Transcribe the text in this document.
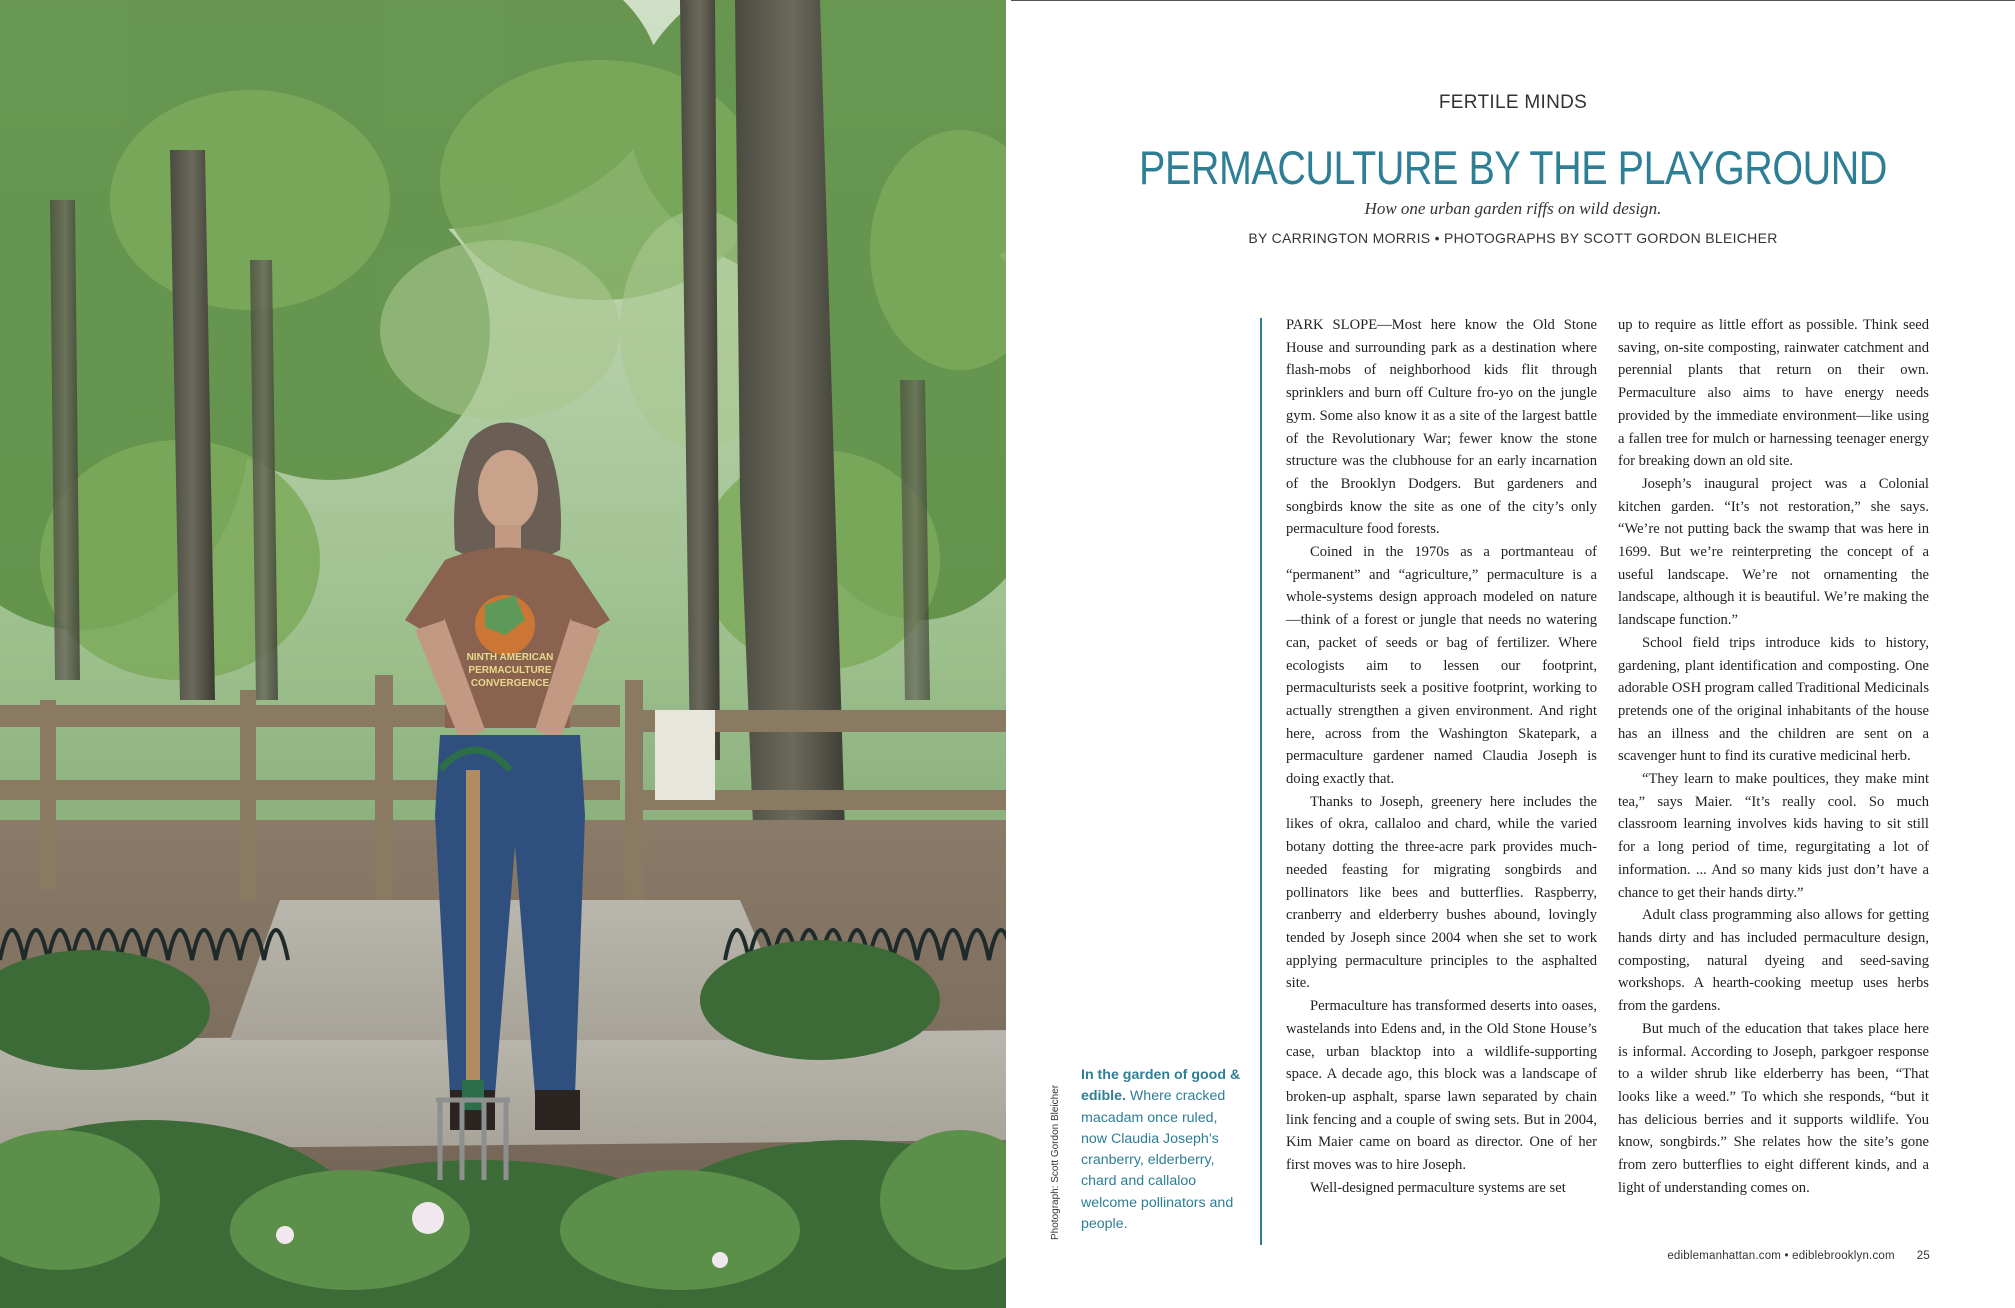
NINTH AMERICAN
PERMACULTURE
CONVERGENCE
Photograph: Scott Gordon Bleicher
FERTILE MINDS
PERMACULTURE BY THE PLAYGROUND
How one urban garden riffs on wild design.
BY CARRINGTON MORRIS • PHOTOGRAPHS BY SCOTT GORDON BLEICHER
In the garden of good & edible. Where cracked macadam once ruled, now Claudia Joseph’s cranberry, elderberry, chard and callaloo welcome pollinators and people.

PARK SLOPE—Most here know the Old Stone House and surrounding park as a destination where flash-mobs of neighborhood kids flit through sprinklers and burn off Culture fro-yo on the jungle gym. Some also know it as a site of the largest battle of the Revolutionary War; fewer know the stone structure was the clubhouse for an early incarnation of the Brooklyn Dodgers. But gardeners and songbirds know the site as one of the city’s only permaculture food forests.

Coined in the 1970s as a portmanteau of “permanent” and “agriculture,” permaculture is a whole-systems design approach modeled on nature—think of a forest or jungle that needs no watering can, packet of seeds or bag of fertilizer. Where ecologists aim to lessen our footprint, permaculturists seek a positive footprint, working to actually strengthen a given environment. And right here, across from the Washington Skatepark, a permaculture gardener named Claudia Joseph is doing exactly that.

Thanks to Joseph, greenery here includes the likes of okra, callaloo and chard, while the varied botany dotting the three-acre park provides much-needed feasting for migrating songbirds and pollinators like bees and butterflies. Raspberry, cranberry and elderberry bushes abound, lovingly tended by Joseph since 2004 when she set to work applying permaculture principles to the asphalted site.

Permaculture has transformed deserts into oases, wastelands into Edens and, in the Old Stone House’s case, urban blacktop into a wildlife-supporting space. A decade ago, this block was a landscape of broken-up asphalt, sparse lawn separated by chain link fencing and a couple of swing sets. But in 2004, Kim Maier came on board as director. One of her first moves was to hire Joseph.

Well-designed permaculture systems are set

up to require as little effort as possible. Think seed saving, on-site composting, rainwater catchment and perennial plants that return on their own. Permaculture also aims to have energy needs provided by the immediate environment—like using a fallen tree for mulch or harnessing teenager energy for breaking down an old site.

Joseph’s inaugural project was a Colonial kitchen garden. “It’s not restoration,” she says. “We’re not putting back the swamp that was here in 1699. But we’re reinterpreting the concept of a useful landscape. We’re not ornamenting the landscape, although it is beautiful. We’re making the landscape function.”

School field trips introduce kids to history, gardening, plant identification and composting. One adorable OSH program called Traditional Medicinals pretends one of the original inhabitants of the house has an illness and the children are sent on a scavenger hunt to find its curative medicinal herb.

“They learn to make poultices, they make mint tea,” says Maier. “It’s really cool. So much classroom learning involves kids having to sit still for a long period of time, regurgitating a lot of information. ... And so many kids just don’t have a chance to get their hands dirty.”

Adult class programming also allows for getting hands dirty and has included permaculture design, composting, natural dyeing and seed-saving workshops. A hearth-cooking meetup uses herbs from the gardens.

But much of the education that takes place here is informal. According to Joseph, parkgoer response to a wilder shrub like elderberry has been, “That looks like a weed.” To which she responds, “but it has delicious berries and it supports wildlife. You know, songbirds.” She relates how the site’s gone from zero butterflies to eight different kinds, and a light of understanding comes on.

ediblemanhattan.com • ediblebrooklyn.com 25
